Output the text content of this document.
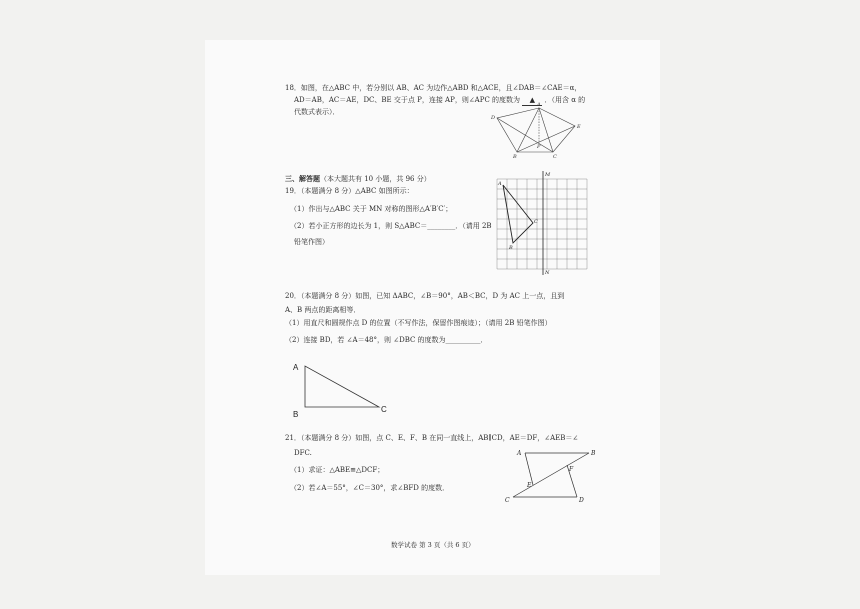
18．如图，在△ABC 中，若分别以 AB、AC 为边作△ABD 和△ACE，且∠DAB＝∠CAE＝α，
AD＝AB，AC＝AE，DC、BE 交于点 P，连接 AP，则∠APC 的度数为 ▲ ．（用含 α 的
代数式表示）．
A
D
E
B	C
P
三、解答题（本大题共有 10 小题，共 96 分）
19．（本题满分 8 分）△ABC 如图所示：
（1）作出与△ABC 关于 MN 对称的图形△A′B′C′；
（2）若小正方形的边长为 1，则 S△ABC＝________．（请用 2B
铅笔作图）
M
N
A
B
C
20．（本题满分 8 分）如图，已知 ΔABC，∠B＝90°，AB＜BC，D 为 AC 上一点，且到
A、B 两点的距离相等．
（1）用直尺和圆规作点 D 的位置（不写作法，保留作图痕迹）；（请用 2B 铅笔作图）
（2）连接 BD，若 ∠A＝48°，则 ∠DBC 的度数为__________．
A
B
C
21．（本题满分 8 分）如图，点 C、E、F、B 在同一直线上，AB∥CD，AE＝DF，∠AEB＝∠
DFC.
（1）求证：△ABE≌△DCF；
（2）若∠A＝55°，∠C＝30°，求∠BFD 的度数．
A	B
C	D
E
F
数学试卷 第 3 页（共 6 页）
